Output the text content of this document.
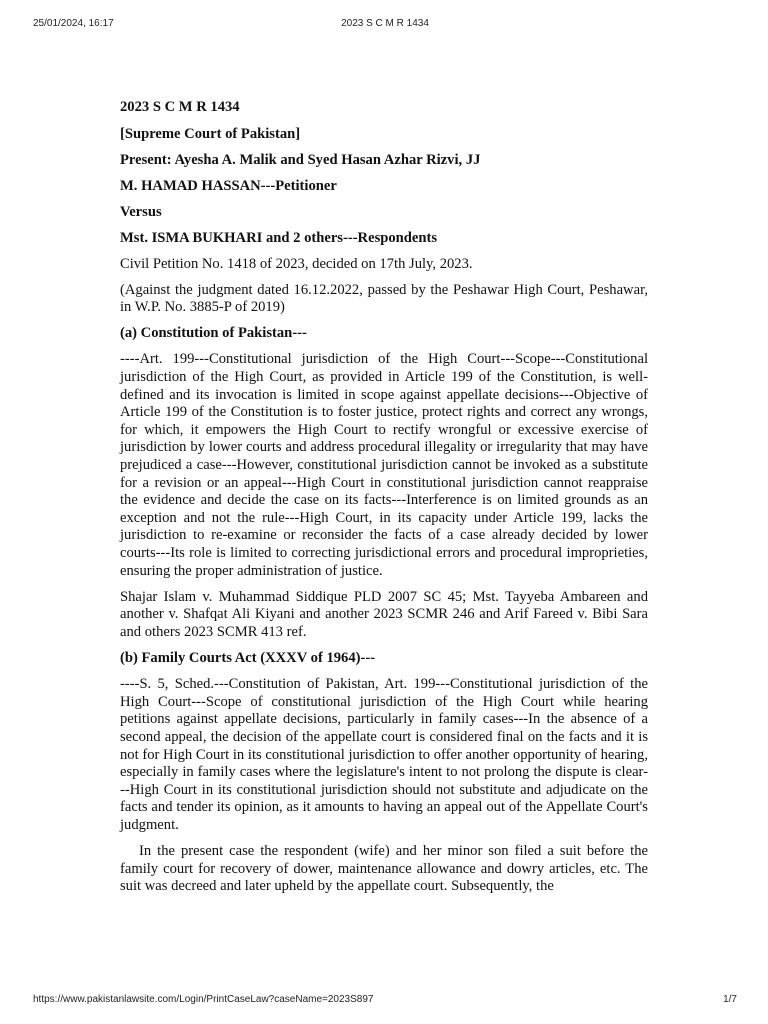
25/01/2024, 16:17	2023 S C M R 1434

2023 S C M R 1434

[Supreme Court of Pakistan]

Present: Ayesha A. Malik and Syed Hasan Azhar Rizvi, JJ

M. HAMAD HASSAN---Petitioner

Versus

Mst. ISMA BUKHARI and 2 others---Respondents

Civil Petition No. 1418 of 2023, decided on 17th July, 2023.

(Against the judgment dated 16.12.2022, passed by the Peshawar High Court, Peshawar, in W.P. No. 3885-P of 2019)

(a) Constitution of Pakistan---

----Art. 199---Constitutional jurisdiction of the High Court---Scope---Constitutional jurisdiction of the High Court, as provided in Article 199 of the Constitution, is well-defined and its invocation is limited in scope against appellate decisions---Objective of Article 199 of the Constitution is to foster justice, protect rights and correct any wrongs, for which, it empowers the High Court to rectify wrongful or excessive exercise of jurisdiction by lower courts and address procedural illegality or irregularity that may have prejudiced a case---However, constitutional jurisdiction cannot be invoked as a substitute for a revision or an appeal---High Court in constitutional jurisdiction cannot reappraise the evidence and decide the case on its facts---Interference is on limited grounds as an exception and not the rule---High Court, in its capacity under Article 199, lacks the jurisdiction to re-examine or reconsider the facts of a case already decided by lower courts---Its role is limited to correcting jurisdictional errors and procedural improprieties, ensuring the proper administration of justice.

Shajar Islam v. Muhammad Siddique PLD 2007 SC 45; Mst. Tayyeba Ambareen and another v. Shafqat Ali Kiyani and another 2023 SCMR 246 and Arif Fareed v. Bibi Sara and others 2023 SCMR 413 ref.

(b) Family Courts Act (XXXV of 1964)---

----S. 5, Sched.---Constitution of Pakistan, Art. 199---Constitutional jurisdiction of the High Court---Scope of constitutional jurisdiction of the High Court while hearing petitions against appellate decisions, particularly in family cases---In the absence of a second appeal, the decision of the appellate court is considered final on the facts and it is not for High Court in its constitutional jurisdiction to offer another opportunity of hearing, especially in family cases where the legislature's intent to not prolong the dispute is clear---High Court in its constitutional jurisdiction should not substitute and adjudicate on the facts and tender its opinion, as it amounts to having an appeal out of the Appellate Court's judgment.

In the present case the respondent (wife) and her minor son filed a suit before the family court for recovery of dower, maintenance allowance and dowry articles, etc. The suit was decreed and later upheld by the appellate court. Subsequently, the

https://www.pakistanlawsite.com/Login/PrintCaseLaw?caseName=2023S897	1/7
